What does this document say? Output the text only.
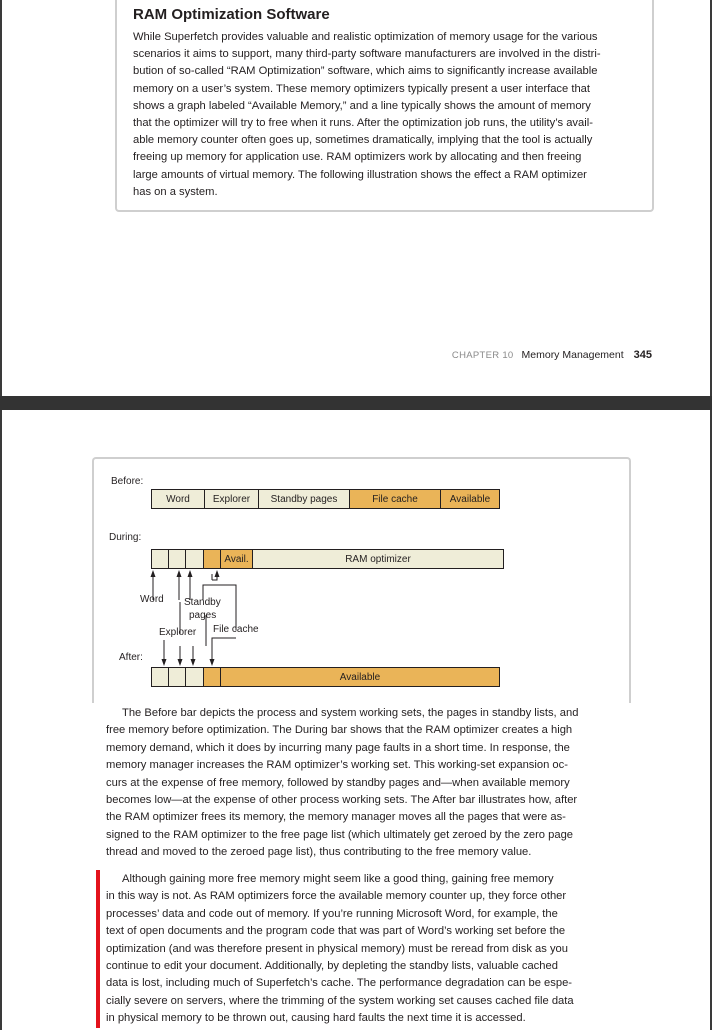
RAM Optimization Software
While Superfetch provides valuable and realistic optimization of memory usage for the various
scenarios it aims to support, many third-party software manufacturers are involved in the distri-
bution of so-called “RAM Optimization” software, which aims to significantly increase available
memory on a user’s system. These memory optimizers typically present a user interface that
shows a graph labeled “Available Memory,” and a line typically shows the amount of memory
that the optimizer will try to free when it runs. After the optimization job runs, the utility’s avail-
able memory counter often goes up, sometimes dramatically, implying that the tool is actually
freeing up memory for application use. RAM optimizers work by allocating and then freeing
large amounts of virtual memory. The following illustration shows the effect a RAM optimizer
has on a system.
CHAPTER 10 Memory Management 345
Before:
Word	Explorer	Standby pages	File cache	Available
During:
Avail.	RAM optimizer
Word Standby
pages
Explorer File cache
After:
Available
The Before bar depicts the process and system working sets, the pages in standby lists, and
free memory before optimization. The During bar shows that the RAM optimizer creates a high
memory demand, which it does by incurring many page faults in a short time. In response, the
memory manager increases the RAM optimizer’s working set. This working-set expansion oc-
curs at the expense of free memory, followed by standby pages and—when available memory
becomes low—at the expense of other process working sets. The After bar illustrates how, after
the RAM optimizer frees its memory, the memory manager moves all the pages that were as-
signed to the RAM optimizer to the free page list (which ultimately get zeroed by the zero page
thread and moved to the zeroed page list), thus contributing to the free memory value.
Although gaining more free memory might seem like a good thing, gaining free memory
in this way is not. As RAM optimizers force the available memory counter up, they force other
processes’ data and code out of memory. If you’re running Microsoft Word, for example, the
text of open documents and the program code that was part of Word’s working set before the
optimization (and was therefore present in physical memory) must be reread from disk as you
continue to edit your document. Additionally, by depleting the standby lists, valuable cached
data is lost, including much of Superfetch’s cache. The performance degradation can be espe-
cially severe on servers, where the trimming of the system working set causes cached file data
in physical memory to be thrown out, causing hard faults the next time it is accessed.
